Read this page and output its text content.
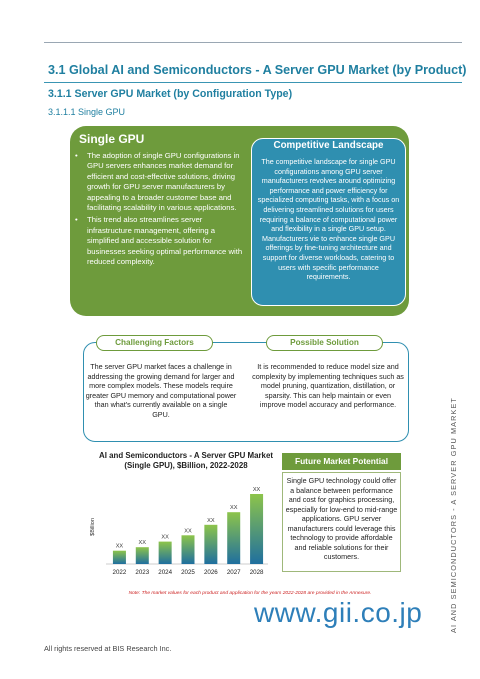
3.1 Global AI and Semiconductors - A Server GPU Market (by Product)
3.1.1 Server GPU Market (by Configuration Type)
3.1.1.1 Single GPU
Single GPU
• The adoption of single GPU configurations in GPU servers enhances market demand for efficient and cost-effective solutions, driving growth for GPU server manufacturers by appealing to a broader customer base and facilitating scalability in various applications.
• This trend also streamlines server infrastructure management, offering a simplified and accessible solution for businesses seeking optimal performance with reduced complexity.
Competitive Landscape
The competitive landscape for single GPU configurations among GPU server manufacturers revolves around optimizing performance and power efficiency for specialized computing tasks, with a focus on delivering streamlined solutions for users requiring a balance of computational power and flexibility in a single GPU setup. Manufacturers vie to enhance single GPU offerings by fine-tuning architecture and support for diverse workloads, catering to users with specific performance requirements.
Challenging Factors	Possible Solution
The server GPU market faces a challenge in addressing the growing demand for larger and more complex models. These models require greater GPU memory and computational power than what's currently available on a single GPU.
It is recommended to reduce model size and complexity by implementing techniques such as model pruning, quantization, distillation, or sparsity. This can help maintain or even improve model accuracy and performance.
AI and Semiconductors - A Server GPU Market (Single GPU), $Billion, 2022-2028
$Billion
XX
2022
XX
2023
XX
2024
XX
2025
XX
2026
XX
2027
XX
2028
Future Market Potential
Single GPU technology could offer a balance between performance and cost for graphics processing, especially for low-end to mid-range applications. GPU server manufacturers could leverage this technology to provide affordable and reliable solutions for their customers.
Note: The market values for each product and application for the years 2022-2028 are provided in the Annexure.
www.gii.co.jp
All rights reserved at BIS Research Inc.
AI AND SEMICONDUCTORS - A SERVER GPU MARKET
